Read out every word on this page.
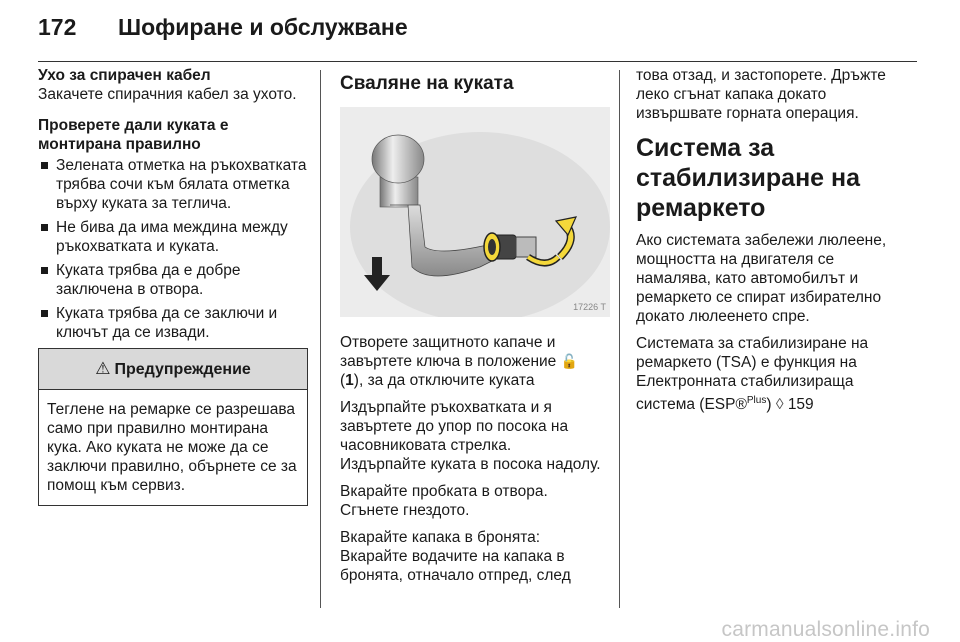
172 Шофиране и обслужване

Ухо за спирачен кабел

Закачете спирачния кабел за ухото.

Проверете дали куката е монтирана правилно

Зелената отметка на ръкохватката трябва сочи към бялата отметка върху куката за теглича.
Не бива да има междина между ръкохватката и куката.
Куката трябва да е добре заключена в отвора.
Куката трябва да се заключи и ключът да се извади.
⚠ Предупреждение
Теглене на ремарке се разрешава само при правилно монтирана кука. Ако куката не може да се заключи правилно, обърнете се за помощ към сервиз.
Сваляне на куката
17226 T

Отворете защитното капаче и завъртете ключа в положение 🔓
(1), за да отключите куката

Издърпайте ръкохватката и я завъртете до упор по посока на часовниковата стрелка.

Издърпайте куката в посока надолу.

Вкарайте пробката в отвора. Сгънете гнездото.

Вкарайте капака в бронята:

Вкарайте водачите на капака в бронята, отначало отпред, след

това отзад, и застопорете. Дръжте леко сгънат капака докато извършвате горната операция.

Система за стабилизиране на ремаркето

Ако системата забележи люлеене, мощността на двигателя се намалява, като автомобилът и ремаркето се спират избирателно докато люлеенето спре.

Системата за стабилизиране на ремаркето (TSA) е функция на Електронната стабилизираща система (ESP®$^{Plus}$) ◊ 159

carmanualsonline.info
